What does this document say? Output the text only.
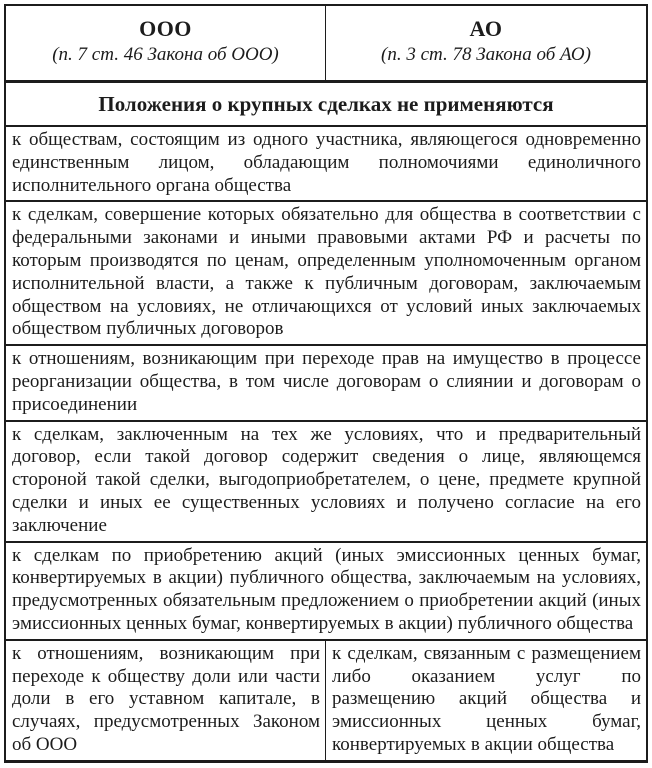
ООО
(п. 7 ст. 46 Закона об ООО)
АО
(п. 3 ст. 78 Закона об АО)
Положения о крупных сделках не применяются
к обществам, состоящим из одного участника, являющегося одновременно единственным лицом, обладающим полномочиями единоличного исполнительного органа общества
к сделкам, совершение которых обязательно для общества в соответствии с федеральными законами и иными правовыми актами РФ и расчеты по которым производятся по ценам, определенным уполномоченным органом исполнительной власти, а также к публичным договорам, заключаемым обществом на условиях, не отличающихся от условий иных заключаемых обществом публичных договоров
к отношениям, возникающим при переходе прав на имущество в процессе реорганизации общества, в том числе договорам о слиянии и договорам о присоединении
к сделкам, заключенным на тех же условиях, что и предварительный договор, если такой договор содержит сведения о лице, являющемся стороной такой сделки, выгодоприобретателем, о цене, предмете крупной сделки и иных ее существенных условиях и получено согласие на его заключение
к сделкам по приобретению акций (иных эмиссионных ценных бумаг, конвертируемых в акции) публичного общества, заключаемым на условиях, предусмотренных обязательным предложением о приобретении акций (иных эмиссионных ценных бумаг, конвертируемых в акции) публичного общества
к отношениям, возникающим при переходе к обществу доли или части доли в его уставном капитале, в случаях, предусмотренных Законом об ООО
к сделкам, связанным с размещением либо оказанием услуг по размещению акций общества и эмиссионных ценных бумаг, конвертируемых в акции общества
